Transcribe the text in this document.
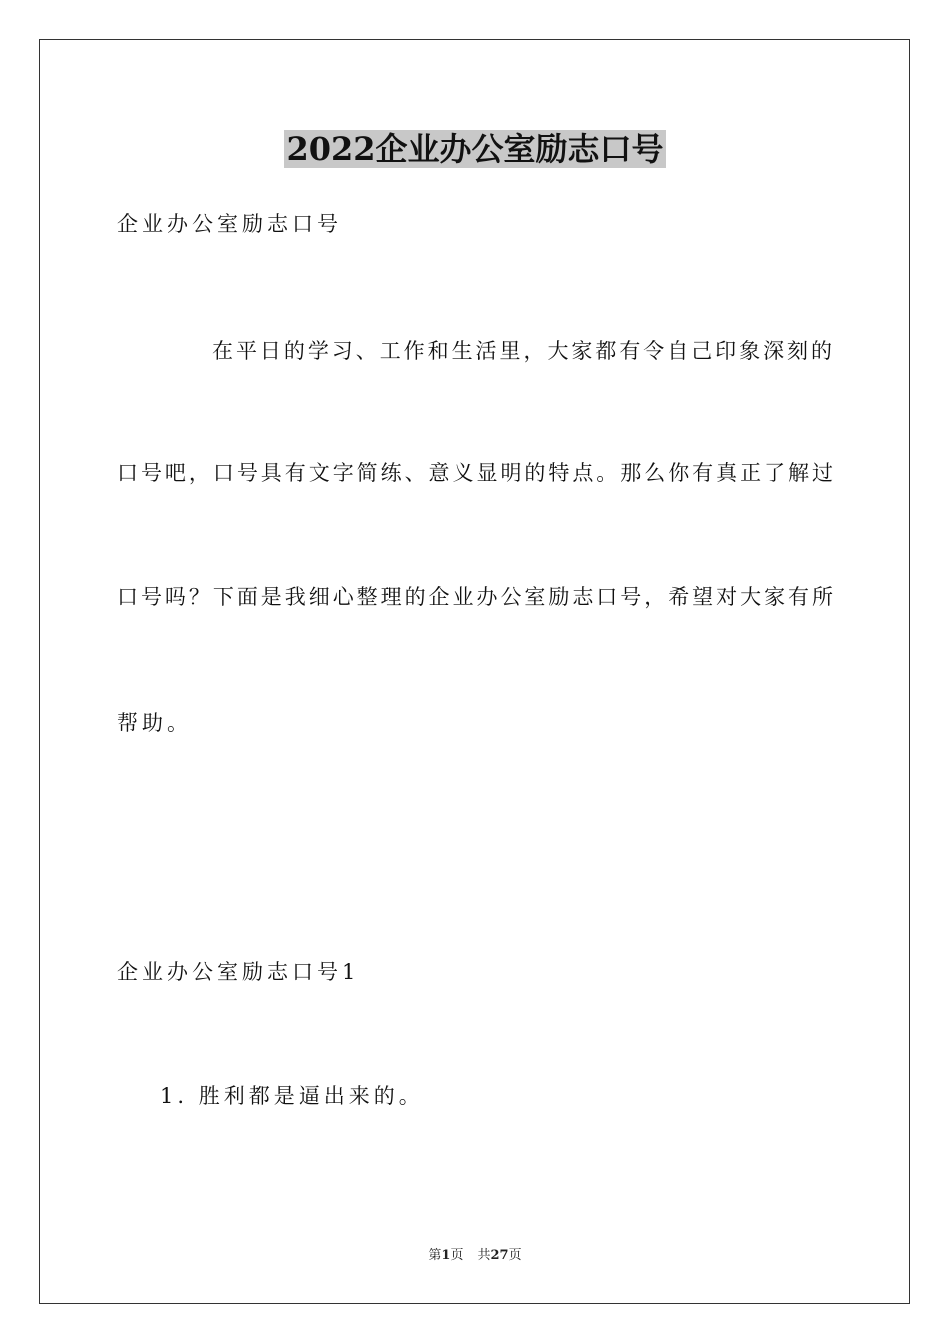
2022企业办公室励志口号

企业办公室励志口号

在平日的学习、工作和生活里，大家都有令自己印象深刻的

口号吧，口号具有文字简练、意义显明的特点。那么你有真正了解过

口号吗？下面是我细心整理的企业办公室励志口号，希望对大家有所

帮助。

企业办公室励志口号1

1. 胜利都是逼出来的。

第1页 共27页
